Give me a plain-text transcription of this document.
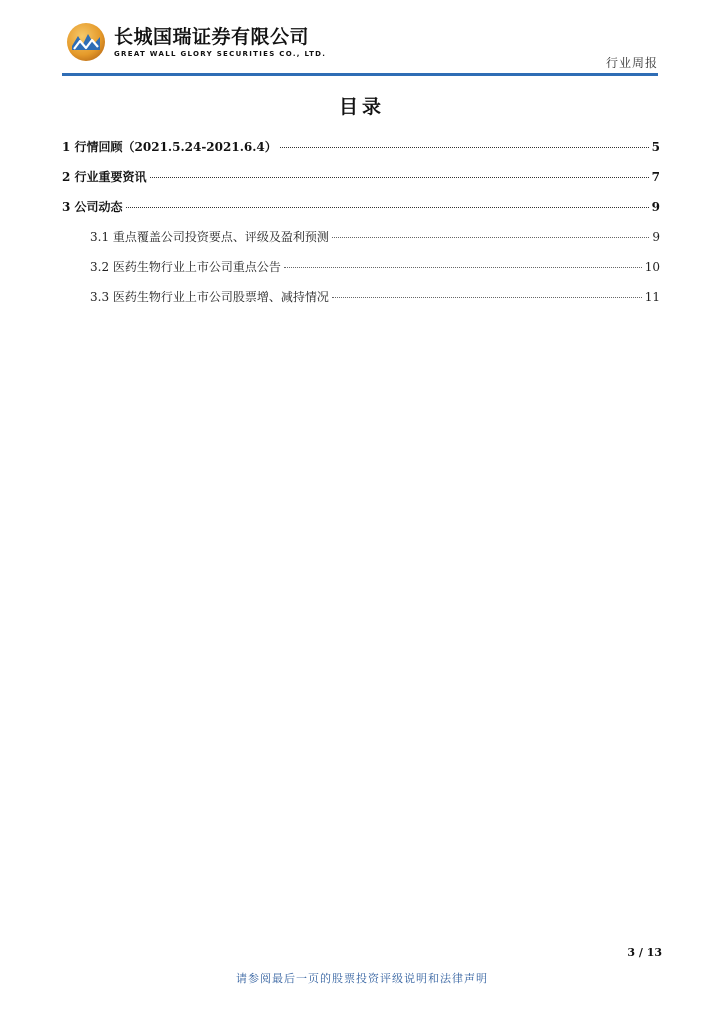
长城国瑞证券有限公司
GREAT WALL GLORY SECURITIES CO., LTD.
行业周报
目录
1 行情回顾（2021.5.24-2021.6.4）	5
2 行业重要资讯	7
3 公司动态	9
3.1 重点覆盖公司投资要点、评级及盈利预测	9
3.2 医药生物行业上市公司重点公告	10
3.3 医药生物行业上市公司股票增、减持情况	11
3 / 13
请参阅最后一页的股票投资评级说明和法律声明
